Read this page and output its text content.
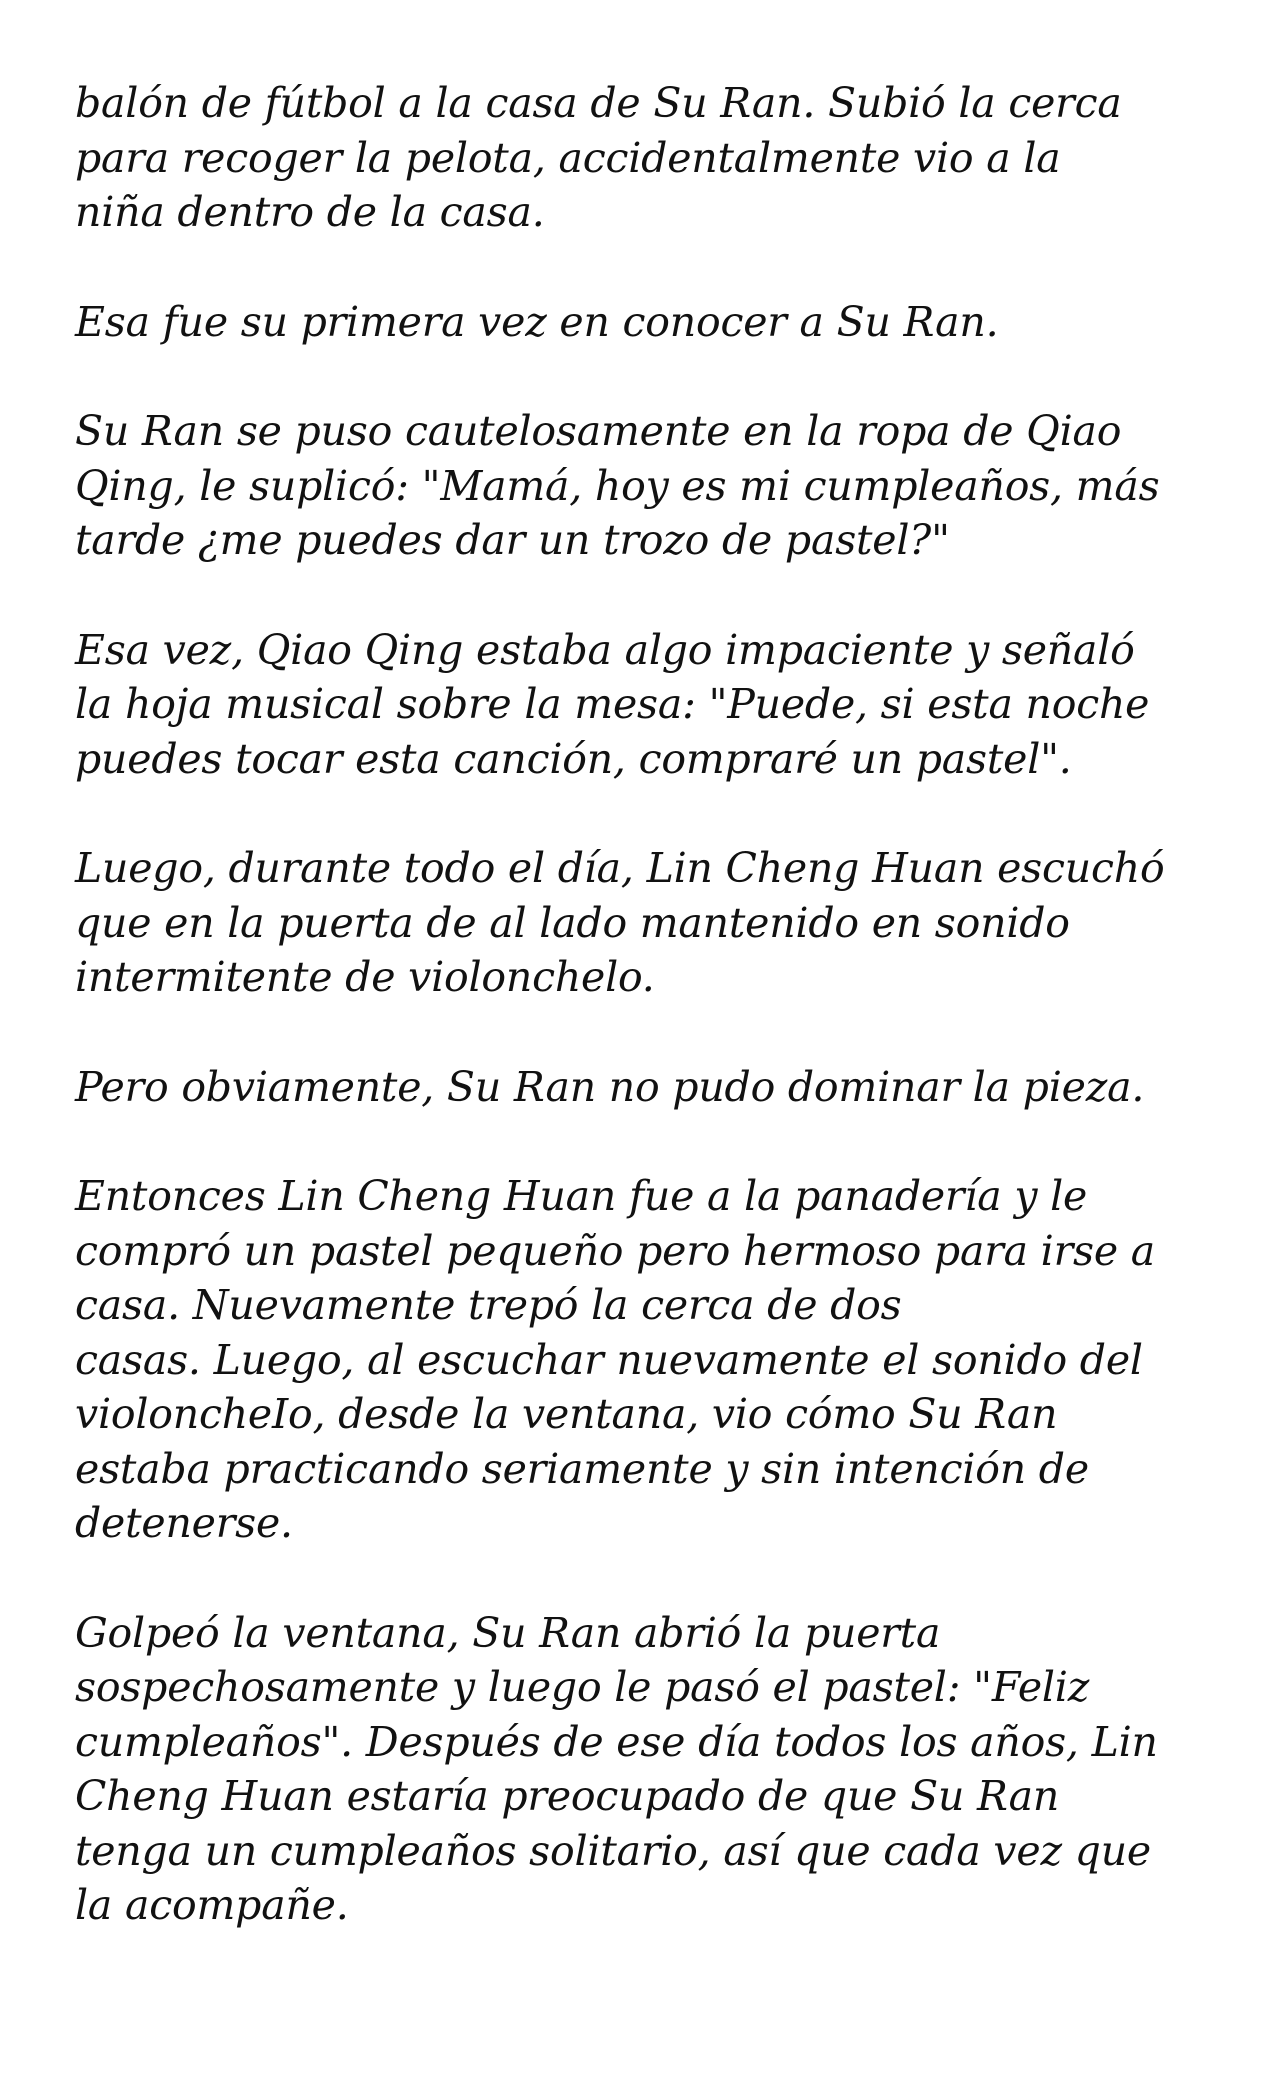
balón de fútbol a la casa de Su Ran. Subió la cerca
para recoger la pelota, accidentalmente vio a la
niña dentro de la casa.

Esa fue su primera vez en conocer a Su Ran.

Su Ran se puso cautelosamente en la ropa de Qiao
Qing, le suplicó: "Mamá, hoy es mi cumpleaños, más
tarde ¿me puedes dar un trozo de pastel?"

Esa vez, Qiao Qing estaba algo impaciente y señaló
la hoja musical sobre la mesa: "Puede, si esta noche
puedes tocar esta canción, compraré un pastel".

Luego, durante todo el día, Lin Cheng Huan escuchó
que en la puerta de al lado mantenido en sonido
intermitente de violonchelo.

Pero obviamente, Su Ran no pudo dominar la pieza.

Entonces Lin Cheng Huan fue a la panadería y le
compró un pastel pequeño pero hermoso para irse a
casa. Nuevamente trepó la cerca de dos
casas. Luego, al escuchar nuevamente el sonido del
violoncheIo, desde la ventana, vio cómo Su Ran
estaba practicando seriamente y sin intención de
detenerse.

Golpeó la ventana, Su Ran abrió la puerta
sospechosamente y luego le pasó el pastel: "Feliz
cumpleaños". Después de ese día todos los años, Lin
Cheng Huan estaría preocupado de que Su Ran
tenga un cumpleaños solitario, así que cada vez que
la acompañe.
